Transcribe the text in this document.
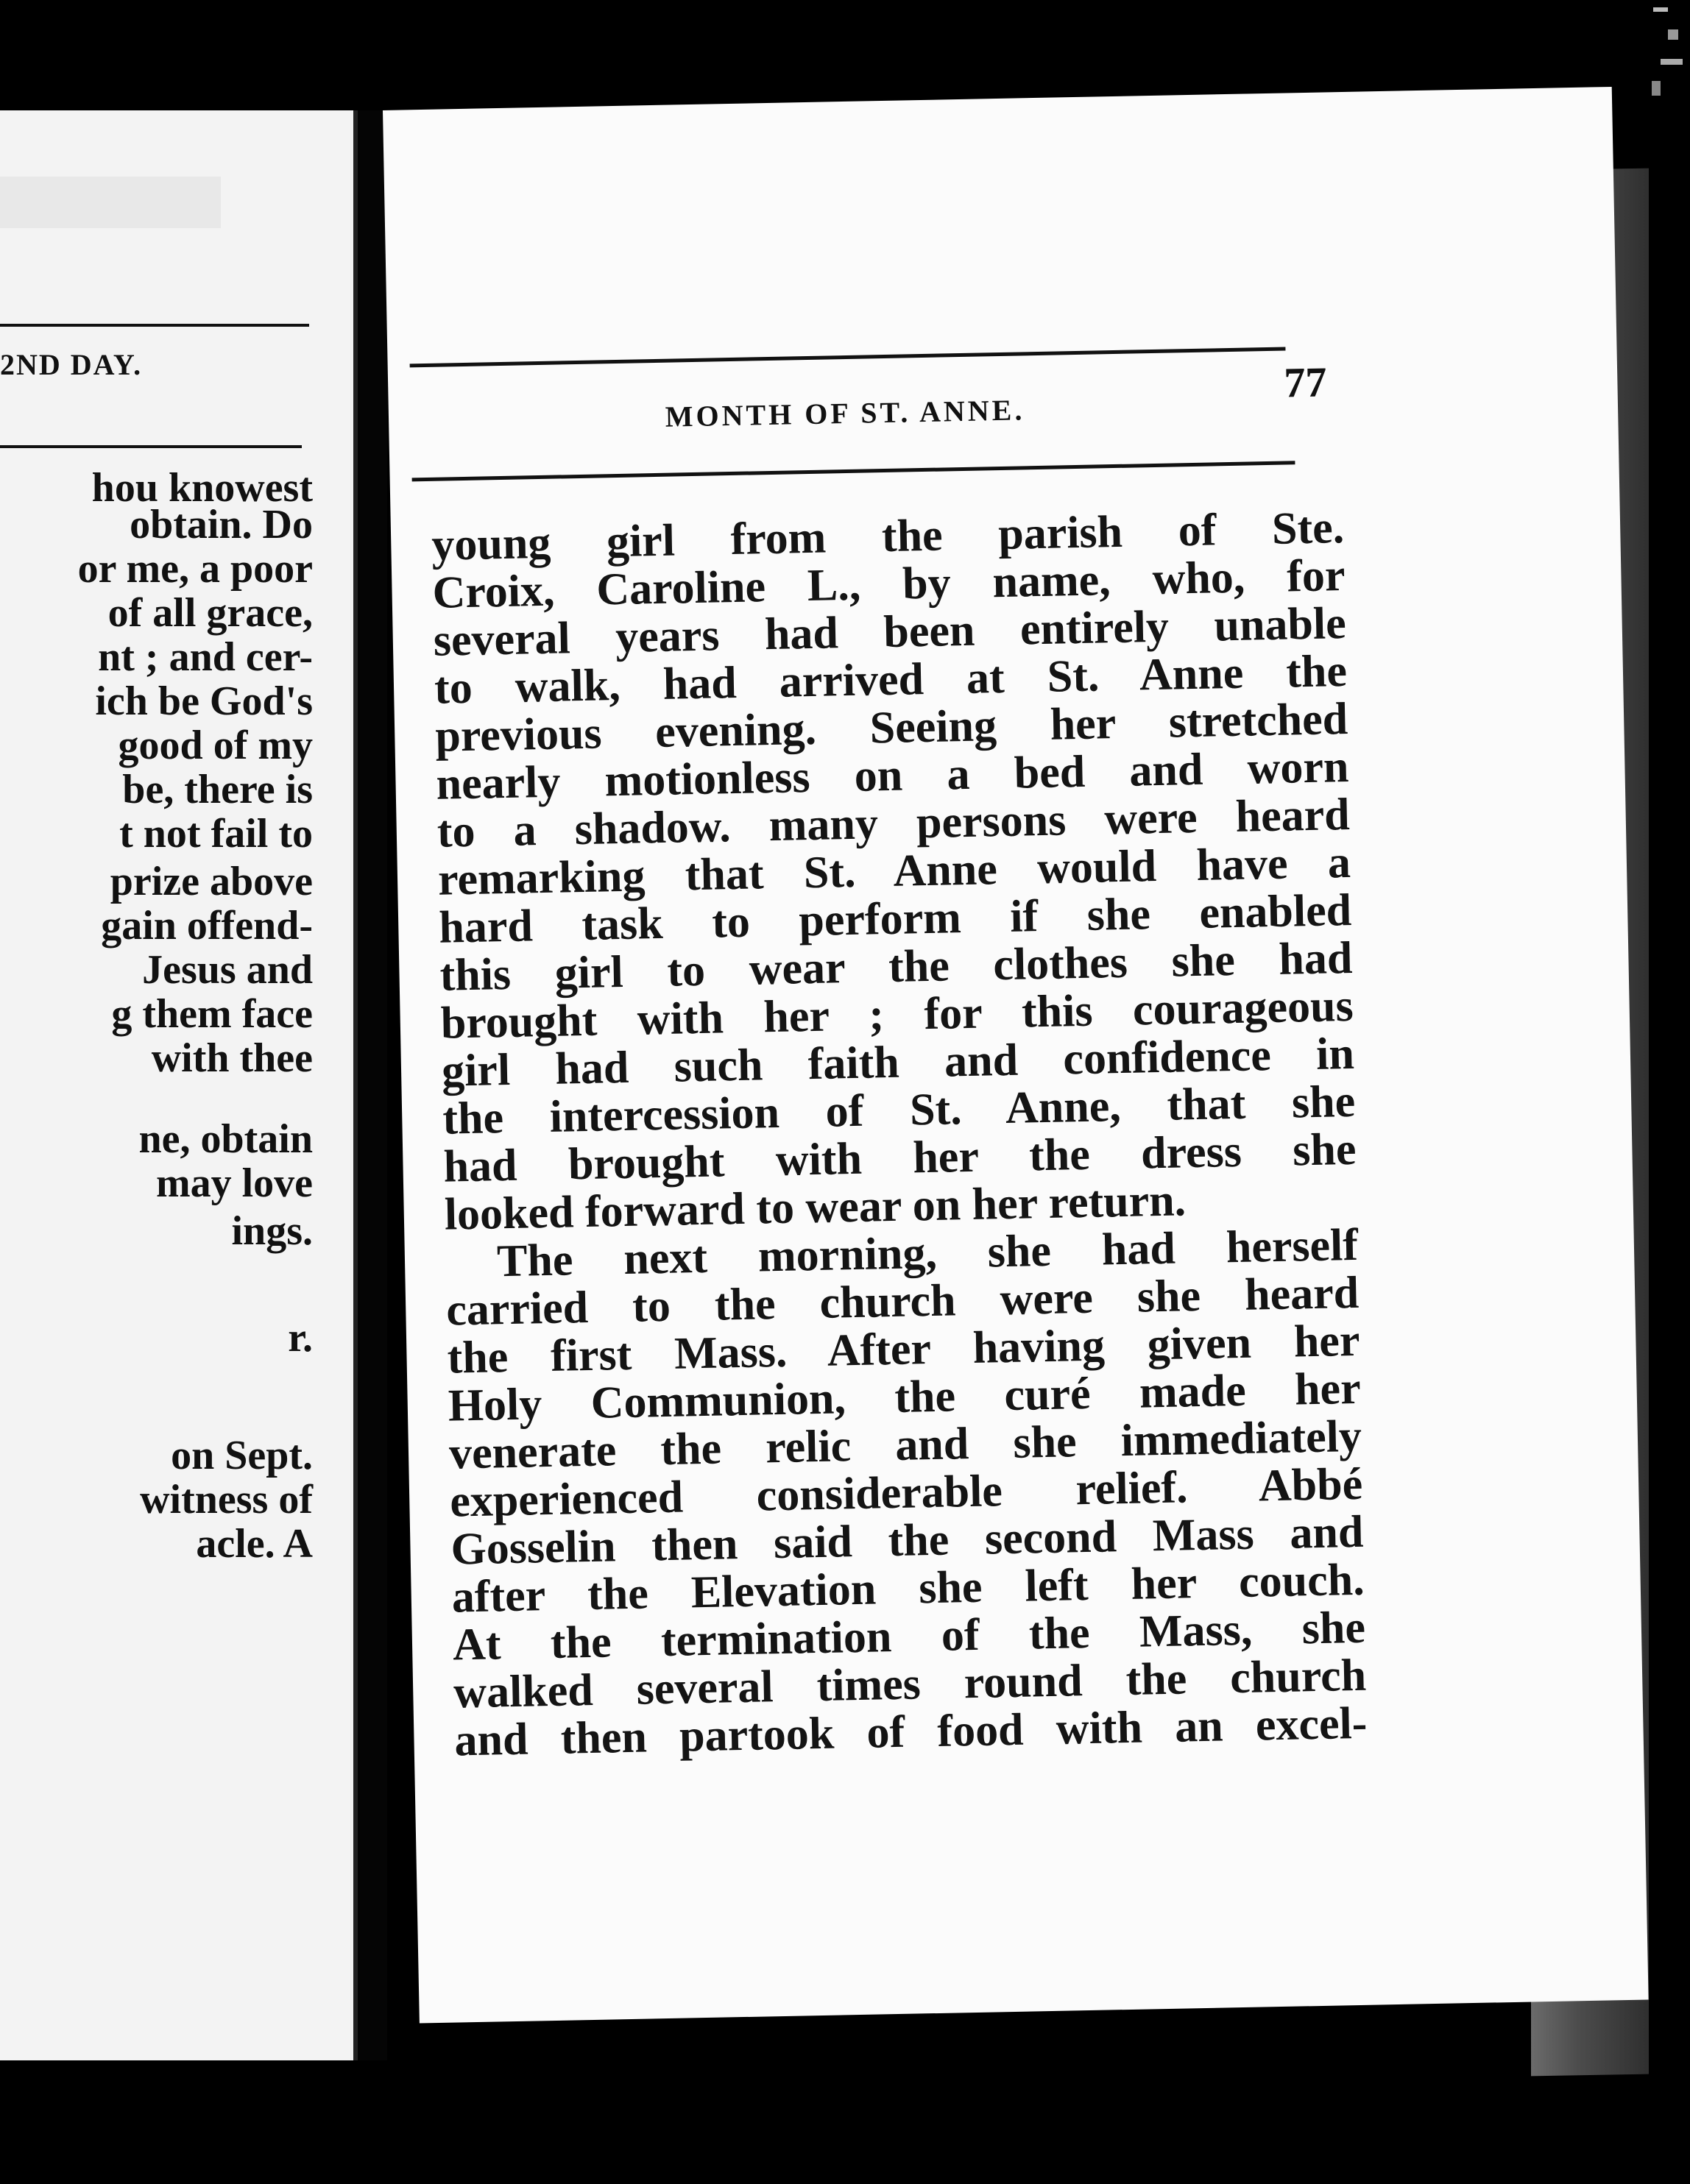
2ND DAY.
hou knowest
obtain. Do
or me, a poor
of all grace,
nt ; and cer-
ich be God's
good of my
be, there is
t not fail to
prize above
gain offend-
Jesus and
g them face
with thee
ne, obtain
may love
ings.
r.
on Sept.
witness of
acle. A
MONTH OF ST. ANNE.
77
young girl from the parish of Ste.
Croix, Caroline L., by name, who, for
several years had been entirely unable
to walk, had arrived at St. Anne the
previous evening. Seeing her stretched
nearly motionless on a bed and worn
to a shadow. many persons were heard
remarking that St. Anne would have a
hard task to perform if she enabled
this girl to wear the clothes she had
brought with her ; for this courageous
girl had such faith and confidence in
the intercession of St. Anne, that she
had brought with her the dress she
looked forward to wear on her return.
The next morning, she had herself
carried to the church were she heard
the first Mass. After having given her
Holy Communion, the curé made her
venerate the relic and she immediately
experienced considerable relief. Abbé
Gosselin then said the second Mass and
after the Elevation she left her couch.
At the termination of the Mass, she
walked several times round the church
and then partook of food with an excel-
